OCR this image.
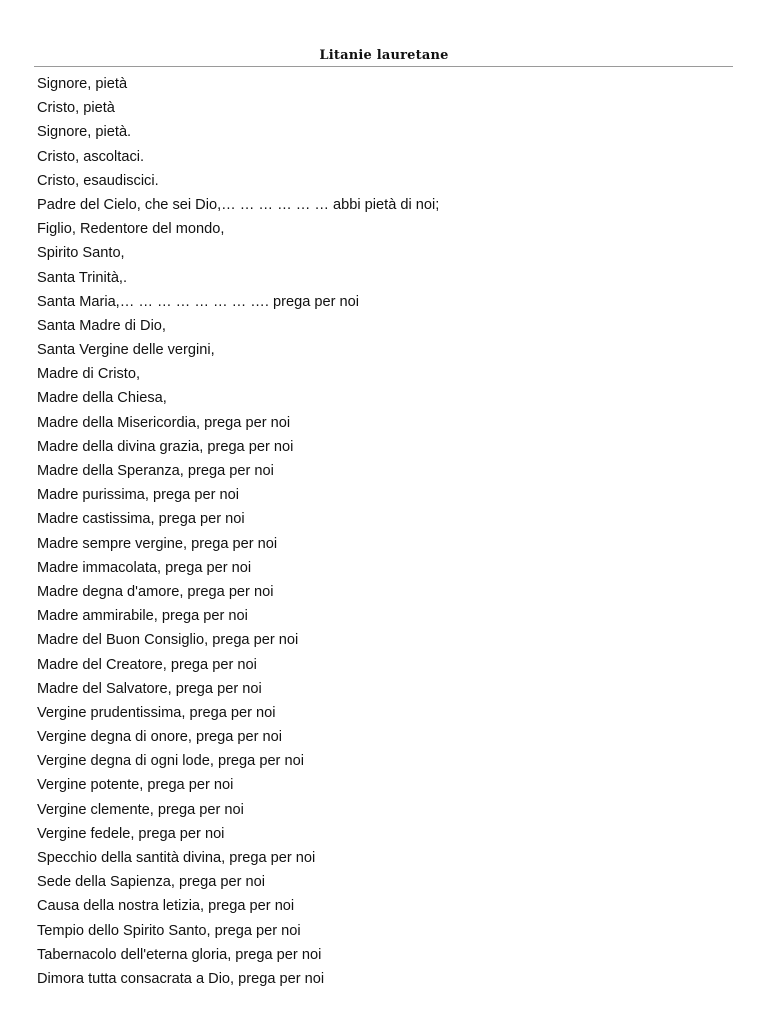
Litanie lauretane
Signore, pietà
Cristo, pietà
Signore, pietà.
Cristo, ascoltaci.
Cristo, esaudiscici.
Padre del Cielo, che sei Dio,… … … … … … abbi pietà di noi;
Figlio, Redentore del mondo,
Spirito Santo,
Santa Trinità,.
Santa Maria,… … … … … … … …. prega per noi
Santa Madre di Dio,
Santa Vergine delle vergini,
Madre di Cristo,
Madre della Chiesa,
Madre della Misericordia, prega per noi
Madre della divina grazia, prega per noi
Madre della Speranza, prega per noi
Madre purissima, prega per noi
Madre castissima, prega per noi
Madre sempre vergine, prega per noi
Madre immacolata, prega per noi
Madre degna d'amore, prega per noi
Madre ammirabile, prega per noi
Madre del Buon Consiglio, prega per noi
Madre del Creatore, prega per noi
Madre del Salvatore, prega per noi
Vergine prudentissima, prega per noi
Vergine degna di onore, prega per noi
Vergine degna di ogni lode, prega per noi
Vergine potente, prega per noi
Vergine clemente, prega per noi
Vergine fedele, prega per noi
Specchio della santità divina, prega per noi
Sede della Sapienza, prega per noi
Causa della nostra letizia, prega per noi
Tempio dello Spirito Santo, prega per noi
Tabernacolo dell'eterna gloria, prega per noi
Dimora tutta consacrata a Dio, prega per noi
